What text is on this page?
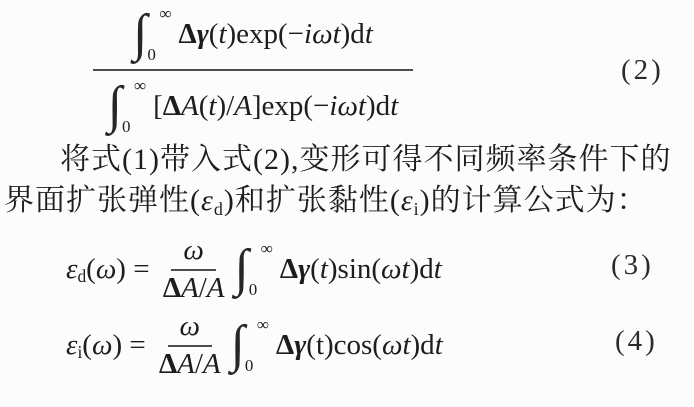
∫ ∞
0
Δγ(t)exp(−iωt)dt
∫ ∞
0
[ΔA(t)/A]exp(−iωt)dt
(2)
将式(1)带入式(2),变形可得不同频率条件下的
界面扩张弹性(εd)和扩张黏性(εi)的计算公式为：
$\varepsilon d(\omega) = \frac{\omega}{\Delta A/A}$ ∫ ∞
0
Δγ(t)sin(ωt)dt	(3)
$\varepsilon i(\omega) = \frac{\omega}{\Delta A/A}$ ∫ ∞
0
Δγ(t)cos(ωt)dt	(4)
